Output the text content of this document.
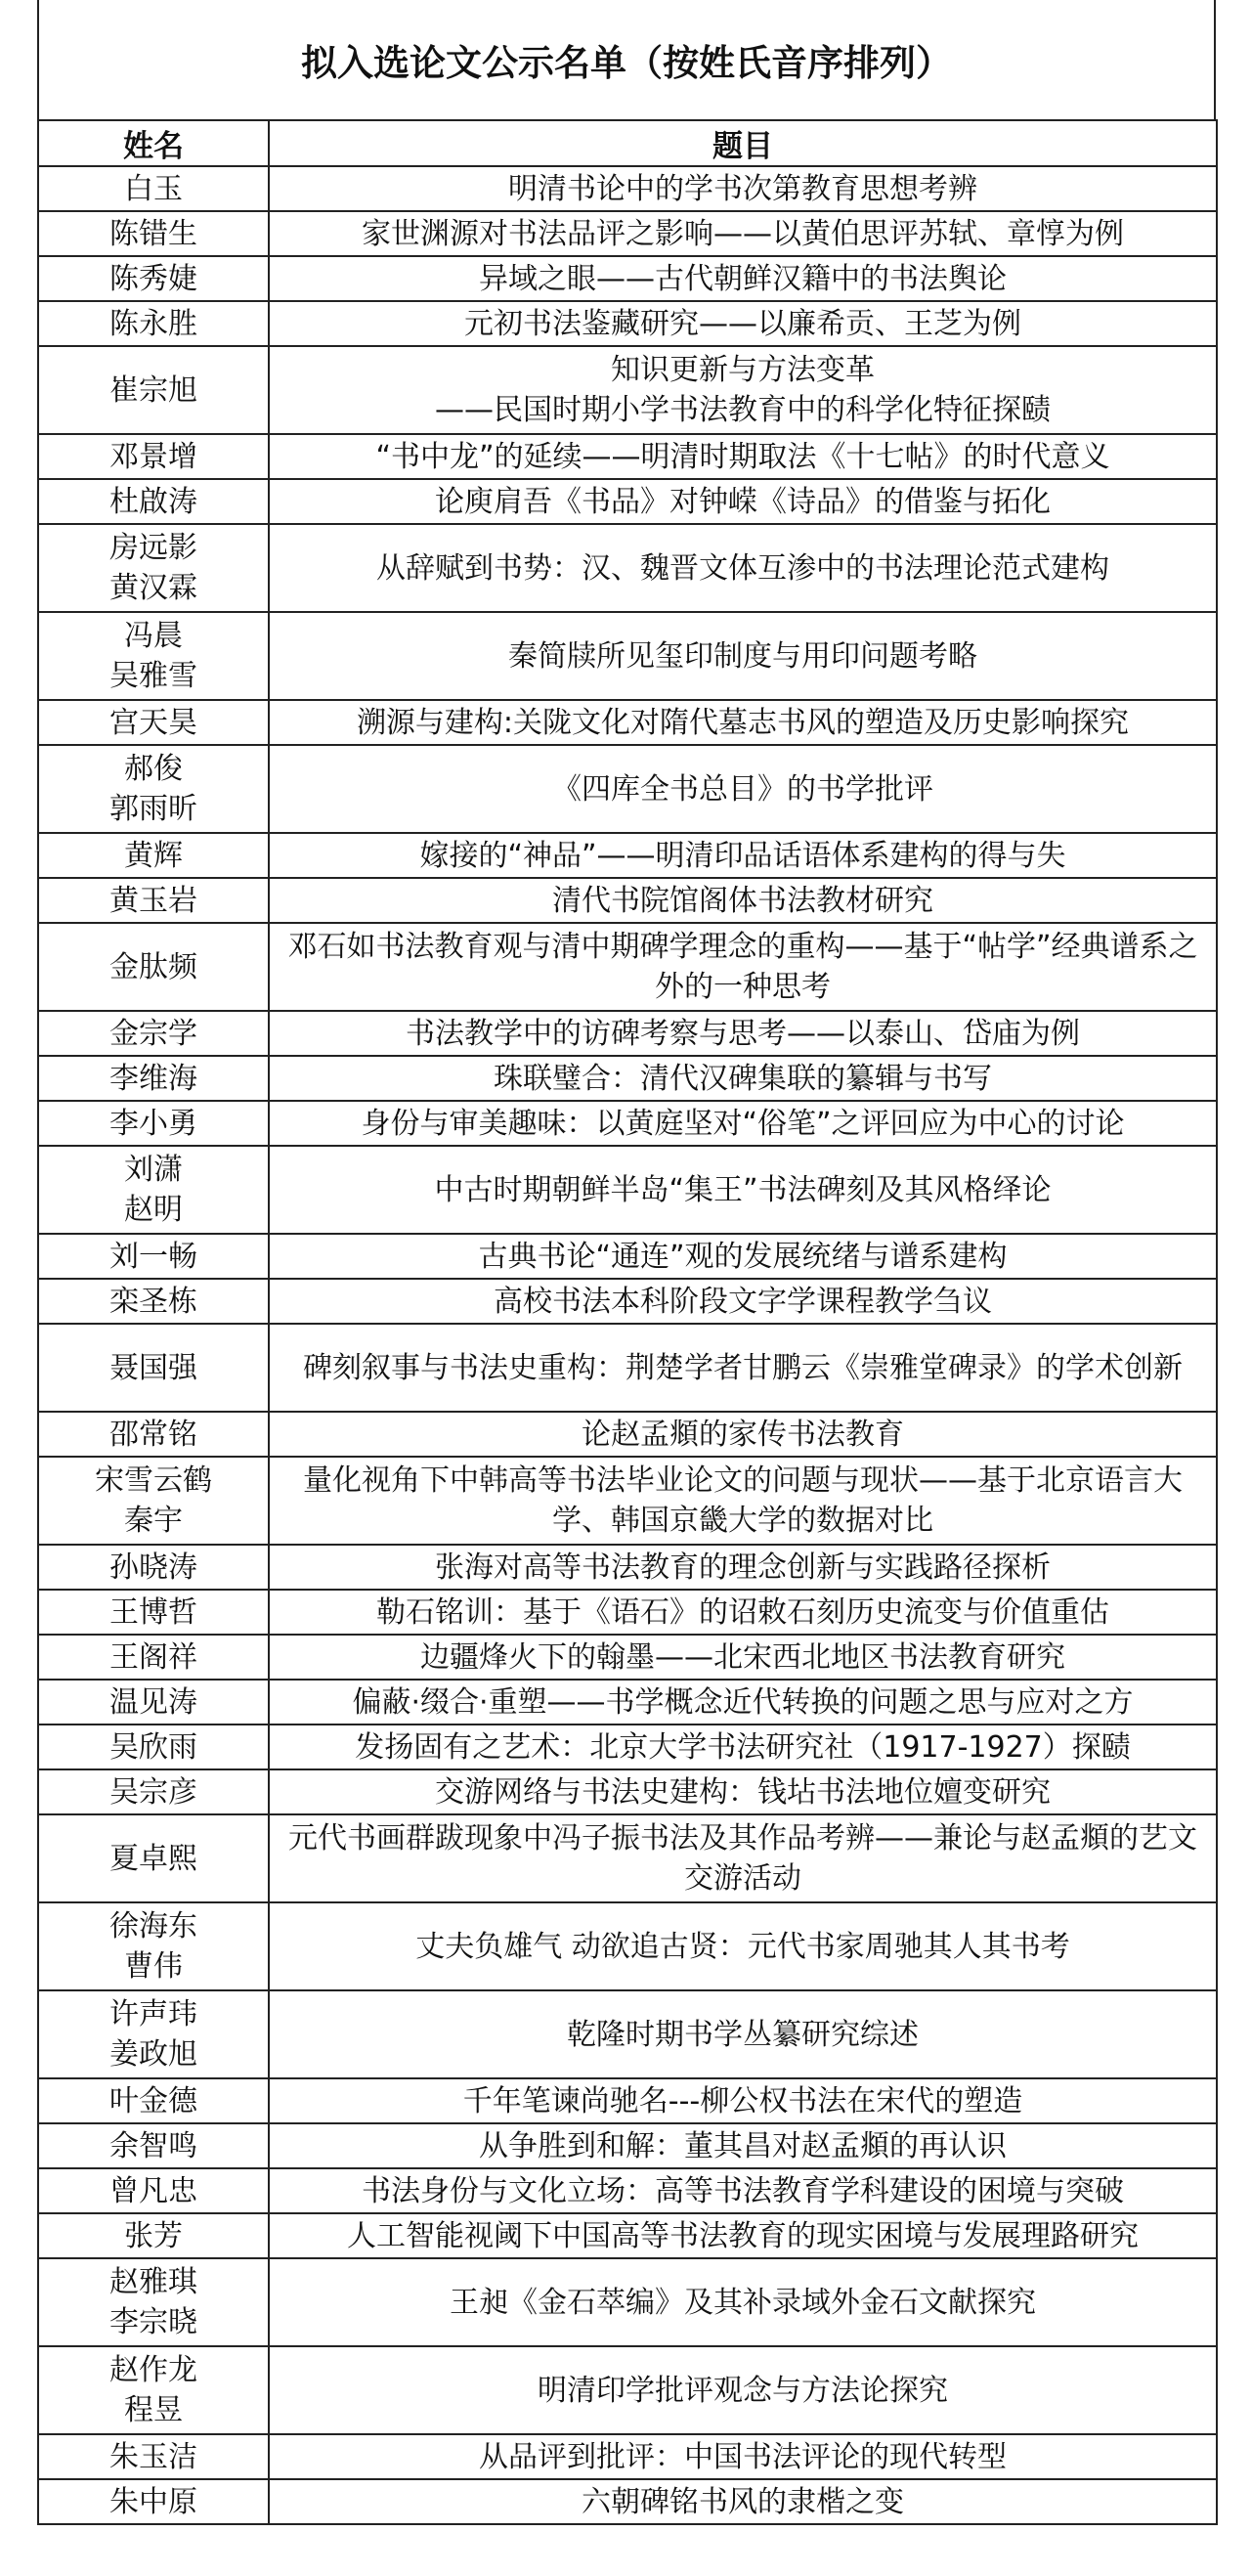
拟入选论文公示名单（按姓氏音序排列）
姓名	题目

白玉	明清书论中的学书次第教育思想考辨

陈错生	家世渊源对书法品评之影响——以黄伯思评苏轼、章惇为例

陈秀婕	异域之眼——古代朝鲜汉籍中的书法舆论

陈永胜	元初书法鉴藏研究——以廉希贡、王芝为例

崔宗旭	知识更新与方法变革
——民国时期小学书法教育中的科学化特征探赜

邓景增	“书中龙”的延续——明清时期取法《十七帖》的时代意义

杜啟涛	论庾肩吾《书品》对钟嵘《诗品》的借鉴与拓化

房远影
黄汉霖	从辞赋到书势：汉、魏晋文体互渗中的书法理论范式建构

冯晨
吴雅雪	秦简牍所见玺印制度与用印问题考略

宫天昊	溯源与建构:关陇文化对隋代墓志书风的塑造及历史影响探究

郝俊
郭雨昕	《四库全书总目》的书学批评

黄辉	嫁接的“神品”——明清印品话语体系建构的得与失

黄玉岩	清代书院馆阁体书法教材研究

金肽频	邓石如书法教育观与清中期碑学理念的重构——基于“帖学”经典谱系之外的一种思考

金宗学	书法教学中的访碑考察与思考——以泰山、岱庙为例

李维海	珠联璧合：清代汉碑集联的纂辑与书写

李小勇	身份与审美趣味：以黄庭坚对“俗笔”之评回应为中心的讨论

刘潇
赵明	中古时期朝鲜半岛“集王”书法碑刻及其风格绎论

刘一畅	古典书论“通连”观的发展统绪与谱系建构

栾圣栋	高校书法本科阶段文字学课程教学刍议

聂国强	碑刻叙事与书法史重构：荆楚学者甘鹏云《崇雅堂碑录》的学术创新

邵常铭	论赵孟頫的家传书法教育

宋雪云鹤
秦宇	量化视角下中韩高等书法毕业论文的问题与现状——基于北京语言大学、韩国京畿大学的数据对比

孙晓涛	张海对高等书法教育的理念创新与实践路径探析

王博哲	勒石铭训：基于《语石》的诏敕石刻历史流变与价值重估

王阁祥	边疆烽火下的翰墨——北宋西北地区书法教育研究

温见涛	偏蔽·缀合·重塑——书学概念近代转换的问题之思与应对之方

吴欣雨	发扬固有之艺术：北京大学书法研究社（1917-1927）探赜

吴宗彦	交游网络与书法史建构：钱坫书法地位嬗变研究

夏卓熙	元代书画群跋现象中冯子振书法及其作品考辨——兼论与赵孟頫的艺文交游活动

徐海东
曹伟	丈夫负雄气 动欲追古贤：元代书家周驰其人其书考

许声玮
姜政旭	乾隆时期书学丛纂研究综述

叶金德	千年笔谏尚驰名---柳公权书法在宋代的塑造

余智鸣	从争胜到和解：董其昌对赵孟頫的再认识

曾凡忠	书法身份与文化立场：高等书法教育学科建设的困境与突破

张芳	人工智能视阈下中国高等书法教育的现实困境与发展理路研究

赵雅琪
李宗晓	王昶《金石萃编》及其补录域外金石文献探究

赵作龙
程昱	明清印学批评观念与方法论探究

朱玉洁	从品评到批评：中国书法评论的现代转型

朱中原	六朝碑铭书风的隶楷之变
